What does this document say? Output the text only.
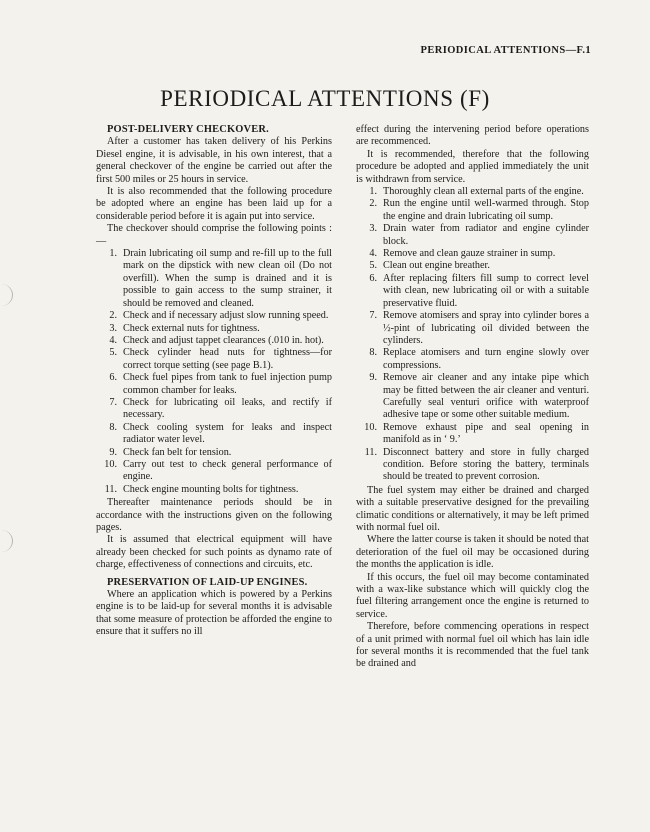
PERIODICAL ATTENTIONS—F.1
PERIODICAL ATTENTIONS (F)

POST-DELIVERY CHECKOVER.

After a customer has taken delivery of his Perkins Diesel engine, it is advisable, in his own interest, that a general checkover of the engine be carried out after the first 500 miles or 25 hours in service.

It is also recommended that the following procedure be adopted where an engine has been laid up for a considerable period before it is again put into service.

The checkover should comprise the following points :—

1. Drain lubricating oil sump and re-fill up to the full mark on the dipstick with new clean oil (Do not overfill). When the sump is drained and it is possible to gain access to the sump strainer, it should be removed and cleaned.
2. Check and if necessary adjust slow running speed.
3. Check external nuts for tightness.
4. Check and adjust tappet clearances (.010 in. hot).
5. Check cylinder head nuts for tightness—for correct torque setting (see page B.1).
6. Check fuel pipes from tank to fuel injection pump common chamber for leaks.
7. Check for lubricating oil leaks, and rectify if necessary.
8. Check cooling system for leaks and inspect radiator water level.
9. Check fan belt for tension.
10. Carry out test to check general performance of engine.
11. Check engine mounting bolts for tightness.

Thereafter maintenance periods should be in accordance with the instructions given on the following pages.

It is assumed that electrical equipment will have already been checked for such points as dynamo rate of charge, effectiveness of connections and circuits, etc.

PRESERVATION OF LAID-UP ENGINES.

Where an application which is powered by a Perkins engine is to be laid-up for several months it is advisable that some measure of protection be afforded the engine to ensure that it suffers no ill

effect during the intervening period before operations are recommenced.

It is recommended, therefore that the following procedure be adopted and applied immediately the unit is withdrawn from service.

1. Thoroughly clean all external parts of the engine.
2. Run the engine until well-warmed through. Stop the engine and drain lubricating oil sump.
3. Drain water from radiator and engine cylinder block.
4. Remove and clean gauze strainer in sump.
5. Clean out engine breather.
6. After replacing filters fill sump to correct level with clean, new lubricating oil or with a suitable preservative fluid.
7. Remove atomisers and spray into cylinder bores a ½-pint of lubricating oil divided between the cylinders.
8. Replace atomisers and turn engine slowly over compressions.
9. Remove air cleaner and any intake pipe which may be fitted between the air cleaner and venturi. Carefully seal venturi orifice with waterproof adhesive tape or some other suitable medium.
10. Remove exhaust pipe and seal opening in manifold as in ‘ 9.’
11. Disconnect battery and store in fully charged condition. Before storing the battery, terminals should be treated to prevent corrosion.

The fuel system may either be drained and charged with a suitable preservative designed for the prevailing climatic conditions or alternatively, it may be left primed with normal fuel oil.

Where the latter course is taken it should be noted that deterioration of the fuel oil may be occasioned during the months the application is idle.

If this occurs, the fuel oil may become contaminated with a wax-like substance which will quickly clog the fuel filtering arrangement once the engine is returned to service.

Therefore, before commencing operations in respect of a unit primed with normal fuel oil which has lain idle for several months it is recommended that the fuel tank be drained and
